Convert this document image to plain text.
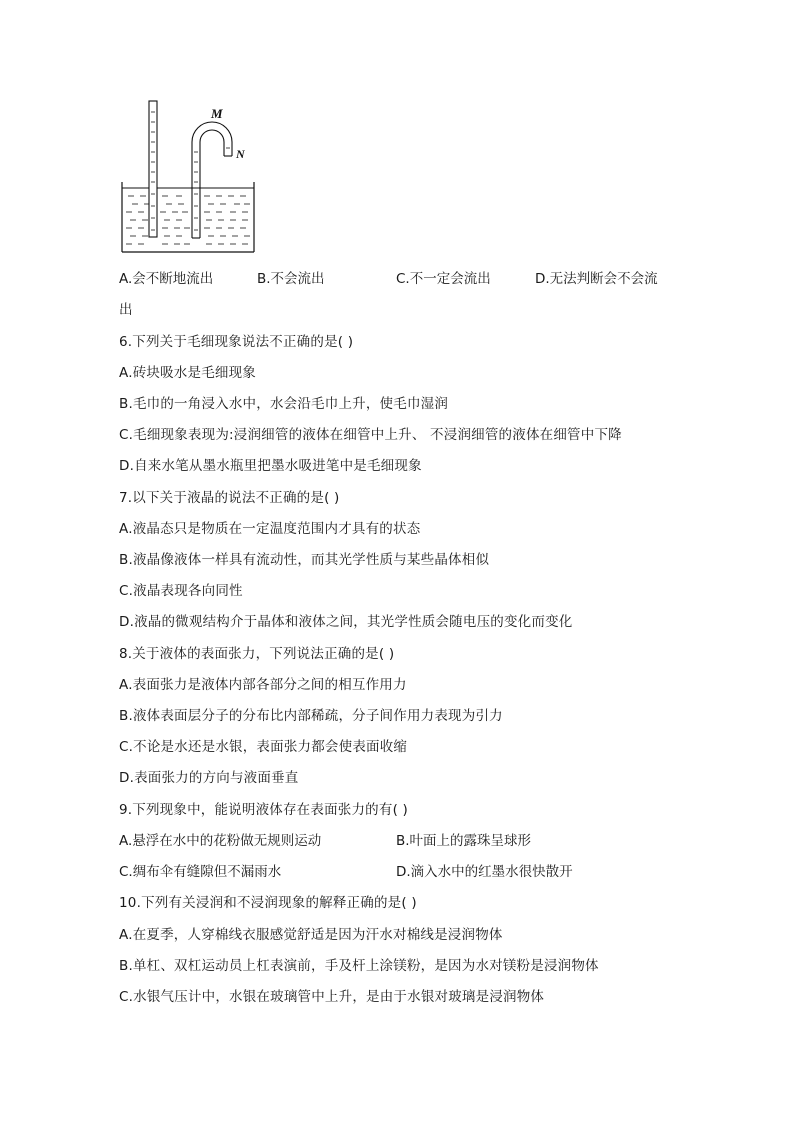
M
N
A.会不断地流出	B.不会流出	C.不一定会流出	D.无法判断会不会流
出
6.下列关于毛细现象说法不正确的是( )
A.砖块吸水是毛细现象
B.毛巾的一角浸入水中，水会沿毛巾上升，使毛巾湿润
C.毛细现象表现为:浸润细管的液体在细管中上升、 不浸润细管的液体在细管中下降
D.自来水笔从墨水瓶里把墨水吸进笔中是毛细现象
7.以下关于液晶的说法不正确的是( )
A.液晶态只是物质在一定温度范围内才具有的状态
B.液晶像液体一样具有流动性，而其光学性质与某些晶体相似
C.液晶表现各向同性
D.液晶的微观结构介于晶体和液体之间，其光学性质会随电压的变化而变化
8.关于液体的表面张力，下列说法正确的是( )
A.表面张力是液体内部各部分之间的相互作用力
B.液体表面层分子的分布比内部稀疏，分子间作用力表现为引力
C.不论是水还是水银，表面张力都会使表面收缩
D.表面张力的方向与液面垂直
9.下列现象中，能说明液体存在表面张力的有( )
A.悬浮在水中的花粉做无规则运动	B.叶面上的露珠呈球形
C.绸布伞有缝隙但不漏雨水	D.滴入水中的红墨水很快散开
10.下列有关浸润和不浸润现象的解释正确的是( )
A.在夏季，人穿棉线衣服感觉舒适是因为汗水对棉线是浸润物体
B.单杠、双杠运动员上杠表演前，手及杆上涂镁粉，是因为水对镁粉是浸润物体
C.水银气压计中，水银在玻璃管中上升，是由于水银对玻璃是浸润物体
